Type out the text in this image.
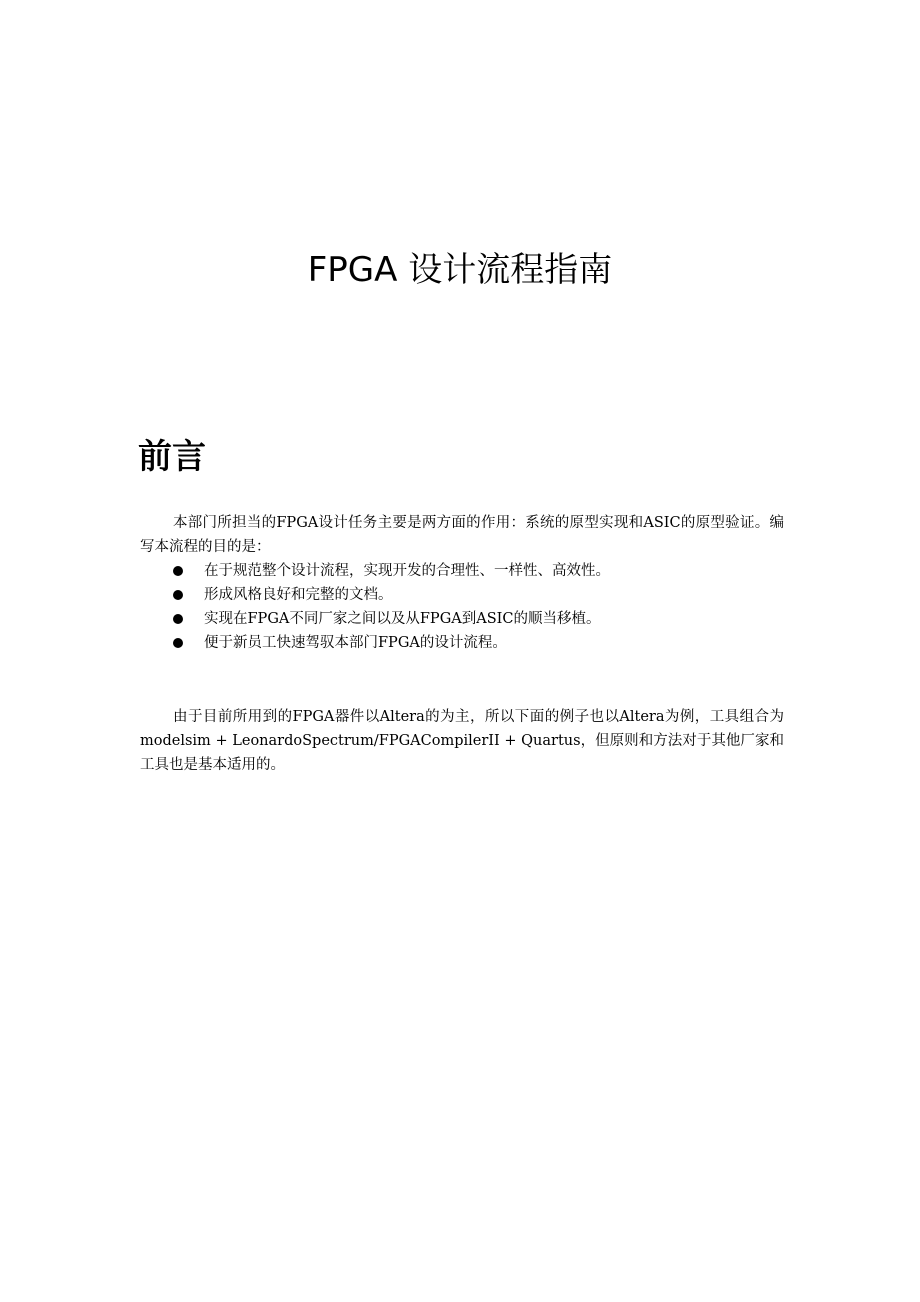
FPGA 设计流程指南
前言

本部门所担当的FPGA设计任务主要是两方面的作用：系统的原型实现和ASIC的原型验证。编写本流程的目的是：

在于规范整个设计流程，实现开发的合理性、一样性、高效性。
形成风格良好和完整的文档。
实现在FPGA不同厂家之间以及从FPGA到ASIC的顺当移植。
便于新员工快速驾驭本部门FPGA的设计流程。

由于目前所用到的FPGA器件以Altera的为主，所以下面的例子也以Altera为例，工具组合为 modelsim + LeonardoSpectrum/FPGACompilerII + Quartus，但原则和方法对于其他厂家和工具也是基本适用的。
